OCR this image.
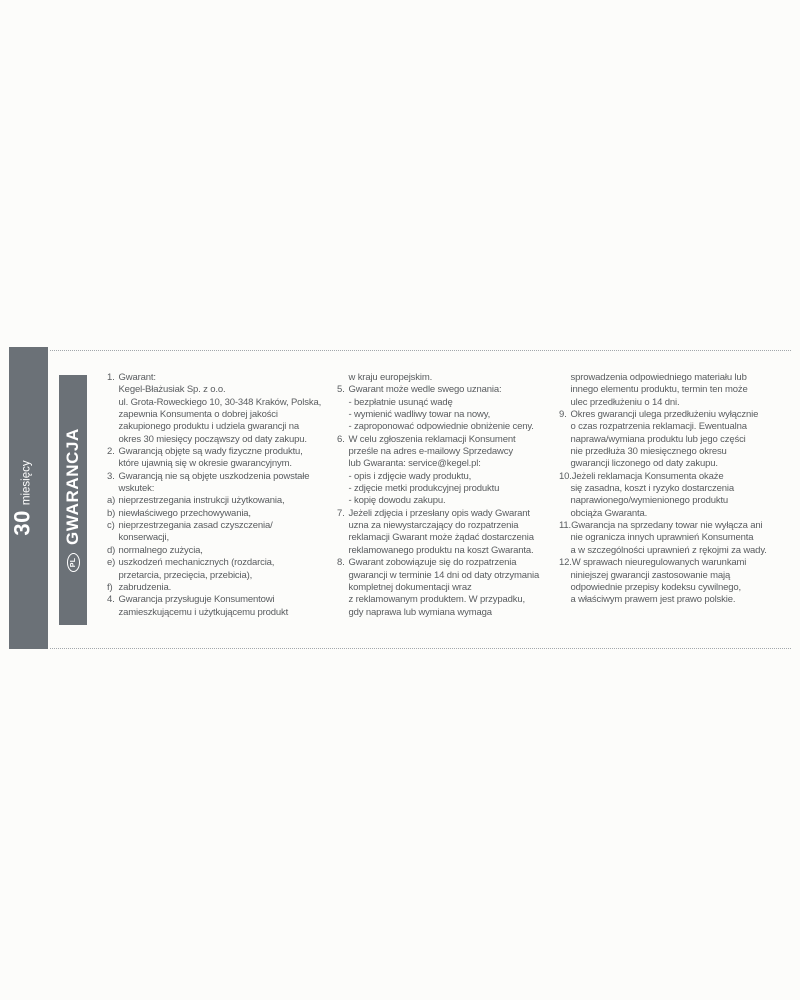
30
miesięcy
PL
GWARANCJA
1. Gwarant:
Kegel-Błażusiak Sp. z o.o.
ul. Grota-Roweckiego 10, 30-348 Kraków, Polska,
zapewnia Konsumenta o dobrej jakości
zakupionego produktu i udziela gwarancji na
okres 30 miesięcy począwszy od daty zakupu.
2. Gwarancją objęte są wady fizyczne produktu,
które ujawnią się w okresie gwarancyjnym.
3. Gwarancją nie są objęte uszkodzenia powstałe
wskutek:
a) nieprzestrzegania instrukcji użytkowania,
b) niewłaściwego przechowywania,
c) nieprzestrzegania zasad czyszczenia/
konserwacji,
d) normalnego zużycia,
e) uszkodzeń mechanicznych (rozdarcia,
przetarcia, przecięcia, przebicia),
f) zabrudzenia.
4. Gwarancja przysługuje Konsumentowi
zamieszkującemu i użytkującemu produkt
w kraju europejskim.
5. Gwarant może wedle swego uznania:
- bezpłatnie usunąć wadę
- wymienić wadliwy towar na nowy,
- zaproponować odpowiednie obniżenie ceny.
6. W celu zgłoszenia reklamacji Konsument
prześle na adres e-mailowy Sprzedawcy
lub Gwaranta: service@kegel.pl:
- opis i zdjęcie wady produktu,
- zdjęcie metki produkcyjnej produktu
- kopię dowodu zakupu.
7. Jeżeli zdjęcia i przesłany opis wady Gwarant
uzna za niewystarczający do rozpatrzenia
reklamacji Gwarant może żądać dostarczenia
reklamowanego produktu na koszt Gwaranta.
8. Gwarant zobowiązuje się do rozpatrzenia
gwarancji w terminie 14 dni od daty otrzymania
kompletnej dokumentacji wraz
z reklamowanym produktem. W przypadku,
gdy naprawa lub wymiana wymaga
sprowadzenia odpowiedniego materiału lub
innego elementu produktu, termin ten może
ulec przedłużeniu o 14 dni.
9. Okres gwarancji ulega przedłużeniu wyłącznie
o czas rozpatrzenia reklamacji. Ewentualna
naprawa/wymiana produktu lub jego części
nie przedłuża 30 miesięcznego okresu
gwarancji liczonego od daty zakupu.
10. Jeżeli reklamacja Konsumenta okaże
się zasadna, koszt i ryzyko dostarczenia
naprawionego/wymienionego produktu
obciąża Gwaranta.
11. Gwarancja na sprzedany towar nie wyłącza ani
nie ogranicza innych uprawnień Konsumenta
a w szczególności uprawnień z rękojmi za wady.
12. W sprawach nieuregulowanych warunkami
niniejszej gwarancji zastosowanie mają
odpowiednie przepisy kodeksu cywilnego,
a właściwym prawem jest prawo polskie.
